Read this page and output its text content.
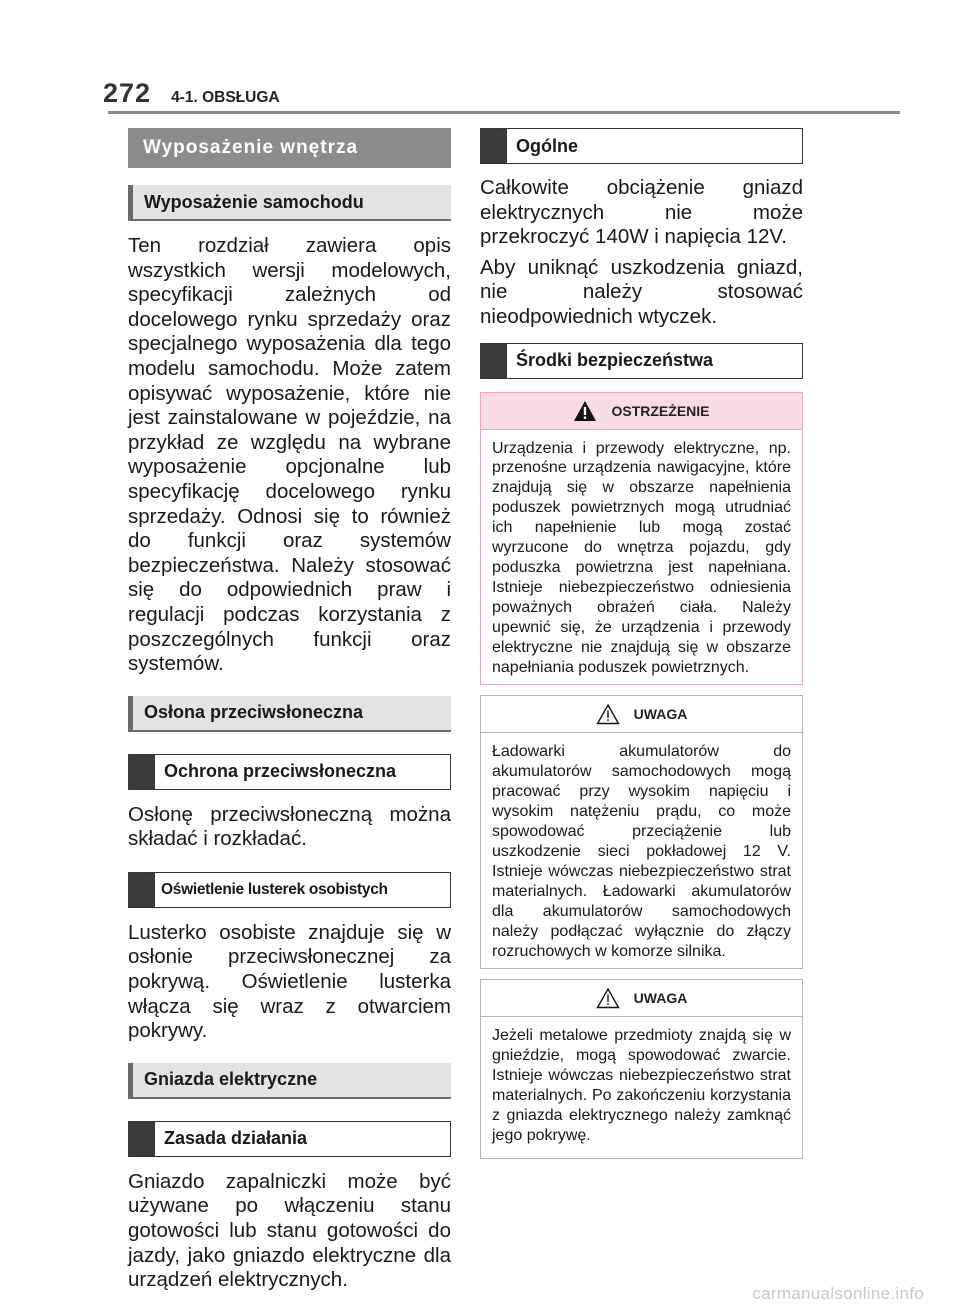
272 4-1. OBSŁUGA
Wyposażenie wnętrza
Wyposażenie samochodu

Ten rozdział zawiera opis wszystkich wersji modelowych, specyfikacji zależnych od docelowego rynku sprzedaży oraz specjalnego wyposażenia dla tego modelu samochodu. Może zatem opisywać wyposażenie, które nie jest zainstalowane w pojeździe, na przykład ze względu na wybrane wyposażenie opcjonalne lub specyfikację docelowego rynku sprzedaży. Odnosi się to również do funkcji oraz systemów bezpieczeństwa. Należy stosować się do odpowiednich praw i regulacji podczas korzystania z poszczególnych funkcji oraz systemów.

Osłona przeciwsłoneczna
Ochrona przeciwsłoneczna

Osłonę przeciwsłoneczną można składać i rozkładać.

Oświetlenie lusterek osobistych

Lusterko osobiste znajduje się w osłonie przeciwsłonecznej za pokrywą. Oświetlenie lusterka włącza się wraz z otwarciem pokrywy.

Gniazda elektryczne
Zasada działania

Gniazdo zapalniczki może być używane po włączeniu stanu gotowości lub stanu gotowości do jazdy, jako gniazdo elektryczne dla urządzeń elektrycznych.

Ogólne

Całkowite obciążenie gniazd elektrycznych nie może przekroczyć 140W i napięcia 12V.

Aby uniknąć uszkodzenia gniazd, nie należy stosować nieodpowiednich wtyczek.

Środki bezpieczeństwa
OSTRZEŻENIE

Urządzenia i przewody elektryczne, np. przenośne urządzenia nawigacyjne, które znajdują się w obszarze napełnienia poduszek powietrznych mogą utrudniać ich napełnienie lub mogą zostać wyrzucone do wnętrza pojazdu, gdy poduszka powietrzna jest napełniana. Istnieje niebezpieczeństwo odniesienia poważnych obrażeń ciała. Należy upewnić się, że urządzenia i przewody elektryczne nie znajdują się w obszarze napełniania poduszek powietrznych.

UWAGA

Ładowarki akumulatorów do akumulatorów samochodowych mogą pracować przy wysokim napięciu i wysokim natężeniu prądu, co może spowodować przeciążenie lub uszkodzenie sieci pokładowej 12 V. Istnieje wówczas niebezpieczeństwo strat materialnych. Ładowarki akumulatorów dla akumulatorów samochodowych należy podłączać wyłącznie do złączy rozruchowych w komorze silnika.

UWAGA

Jeżeli metalowe przedmioty znajdą się w gnieździe, mogą spowodować zwarcie. Istnieje wówczas niebezpieczeństwo strat materialnych. Po zakończeniu korzystania z gniazda elektrycznego należy zamknąć jego pokrywę.

carmanualsonline.info
